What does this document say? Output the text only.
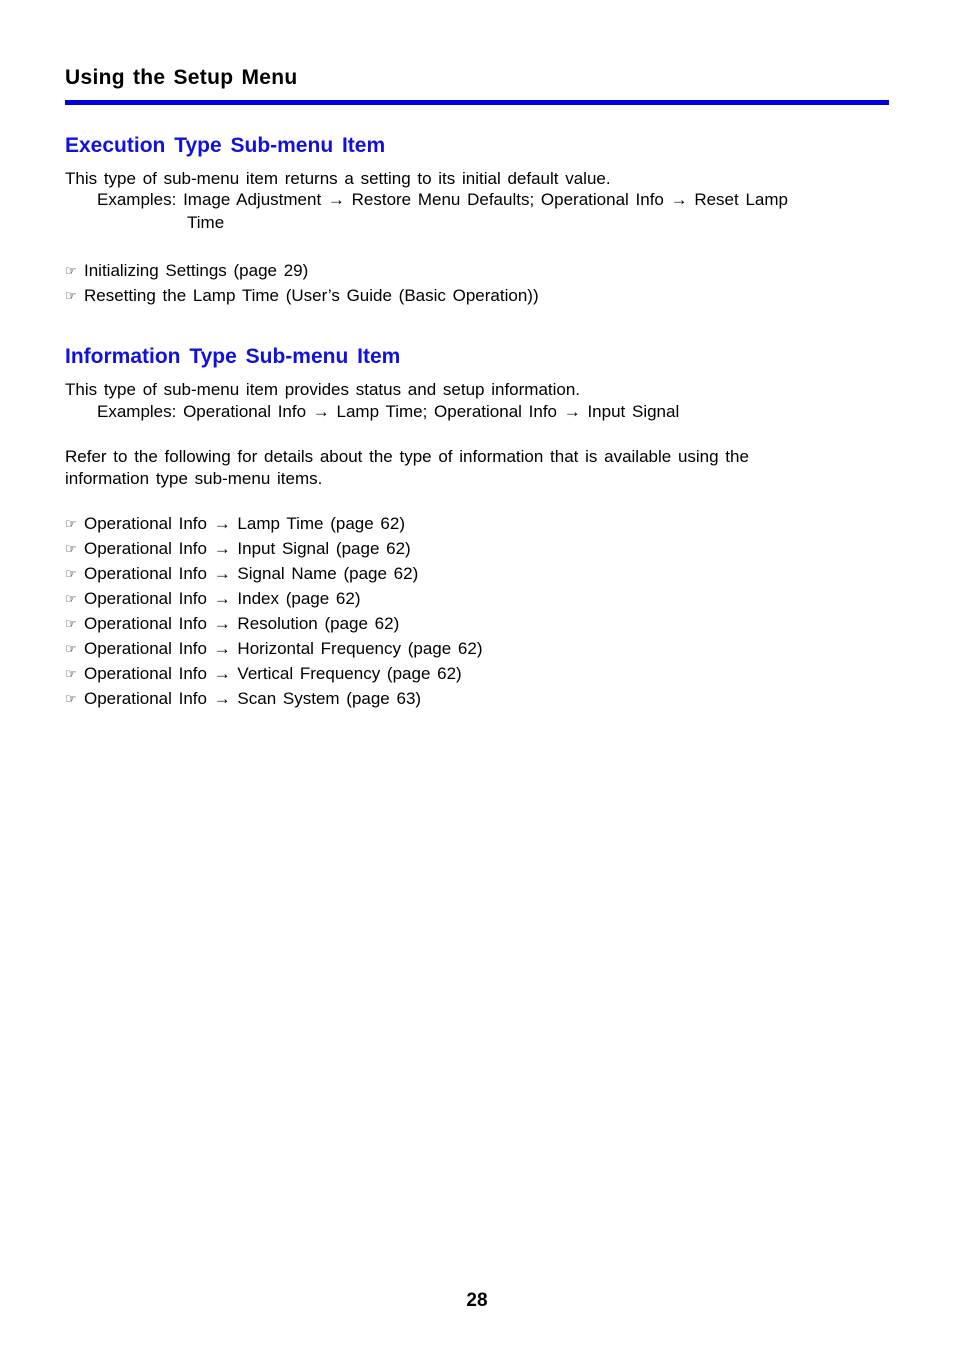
Using the Setup Menu
Execution Type Sub-menu Item
This type of sub-menu item returns a setting to its initial default value.
Examples: Image Adjustment → Restore Menu Defaults; Operational Info → Reset Lamp
Time
☞ Initializing Settings (page 29)
☞ Resetting the Lamp Time (User’s Guide (Basic Operation))
Information Type Sub-menu Item
This type of sub-menu item provides status and setup information.
Examples: Operational Info → Lamp Time; Operational Info → Input Signal
Refer to the following for details about the type of information that is available using the
information type sub-menu items.
☞ Operational Info → Lamp Time (page 62)
☞ Operational Info → Input Signal (page 62)
☞ Operational Info → Signal Name (page 62)
☞ Operational Info → Index (page 62)
☞ Operational Info → Resolution (page 62)
☞ Operational Info → Horizontal Frequency (page 62)
☞ Operational Info → Vertical Frequency (page 62)
☞ Operational Info → Scan System (page 63)
28
